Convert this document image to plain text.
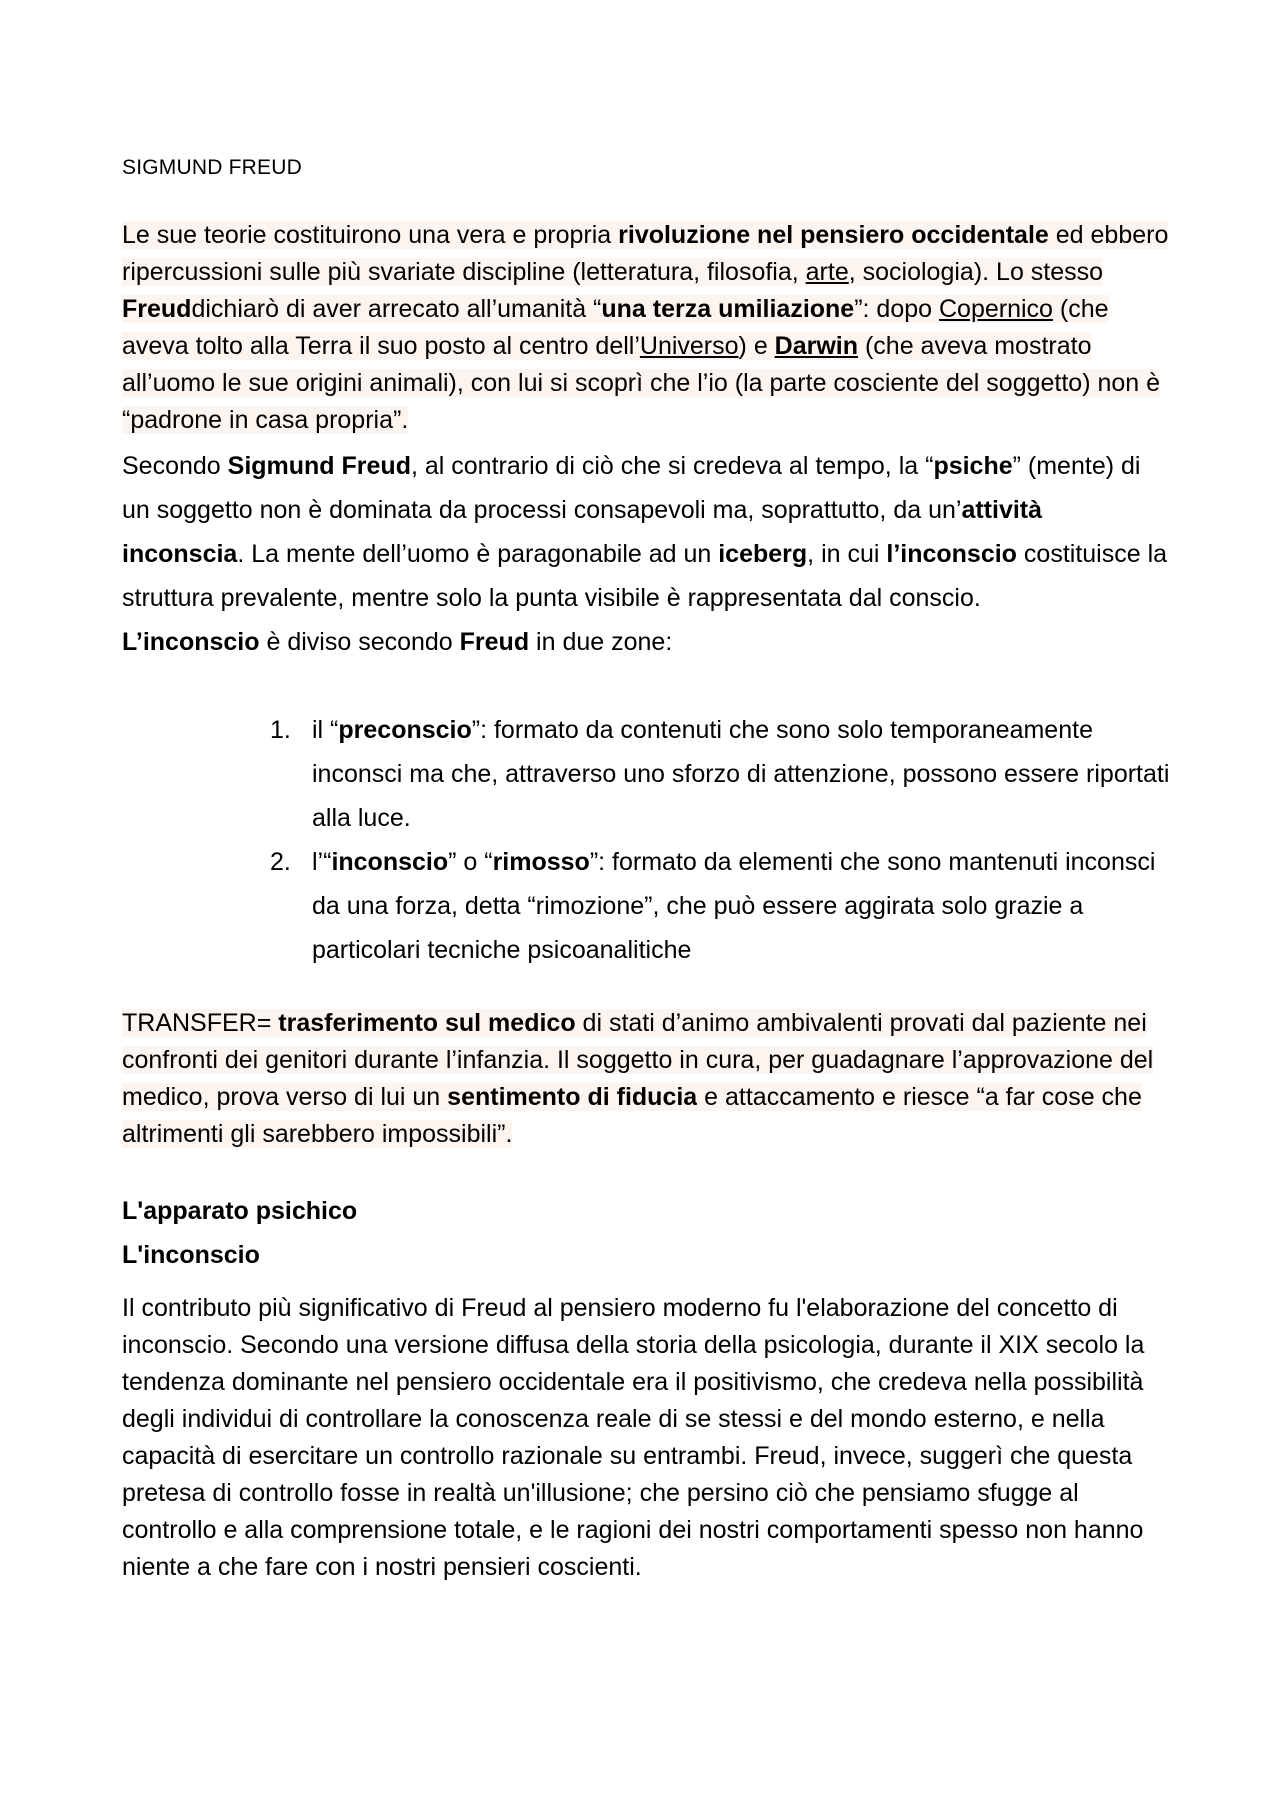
SIGMUND FREUD
Le sue teorie costituirono una vera e propria rivoluzione nel pensiero occidentale ed ebbero ripercussioni sulle più svariate discipline (letteratura, filosofia, arte, sociologia). Lo stesso Freuddichiarò di aver arrecato all’umanità “una terza umiliazione”: dopo Copernico (che aveva tolto alla Terra il suo posto al centro dell’Universo) e Darwin (che aveva mostrato all’uomo le sue origini animali), con lui si scoprì che l’io (la parte cosciente del soggetto) non è “padrone in casa propria”.

Secondo Sigmund Freud, al contrario di ciò che si credeva al tempo, la “psiche” (mente) di un soggetto non è dominata da processi consapevoli ma, soprattutto, da un’attività inconscia. La mente dell’uomo è paragonabile ad un iceberg, in cui l’inconscio costituisce la struttura prevalente, mentre solo la punta visibile è rappresentata dal conscio.

L’inconscio è diviso secondo Freud in due zone:

1. il “preconscio”: formato da contenuti che sono solo temporaneamente inconsci ma che, attraverso uno sforzo di attenzione, possono essere riportati alla luce.
2. l’“inconscio” o “rimosso”: formato da elementi che sono mantenuti inconsci da una forza, detta “rimozione”, che può essere aggirata solo grazie a particolari tecniche psicoanalitiche
TRANSFER= trasferimento sul medico di stati d’animo ambivalenti provati dal paziente nei confronti dei genitori durante l’infanzia. Il soggetto in cura, per guadagnare l’approvazione del medico, prova verso di lui un sentimento di fiducia e attaccamento e riesce “a far cose che altrimenti gli sarebbero impossibili”.
L'apparato psichico
L'inconscio
Il contributo più significativo di Freud al pensiero moderno fu l'elaborazione del concetto di inconscio. Secondo una versione diffusa della storia della psicologia, durante il XIX secolo la tendenza dominante nel pensiero occidentale era il positivismo, che credeva nella possibilità degli individui di controllare la conoscenza reale di se stessi e del mondo esterno, e nella capacità di esercitare un controllo razionale su entrambi. Freud, invece, suggerì che questa pretesa di controllo fosse in realtà un'illusione; che persino ciò che pensiamo sfugge al controllo e alla comprensione totale, e le ragioni dei nostri comportamenti spesso non hanno niente a che fare con i nostri pensieri coscienti.
